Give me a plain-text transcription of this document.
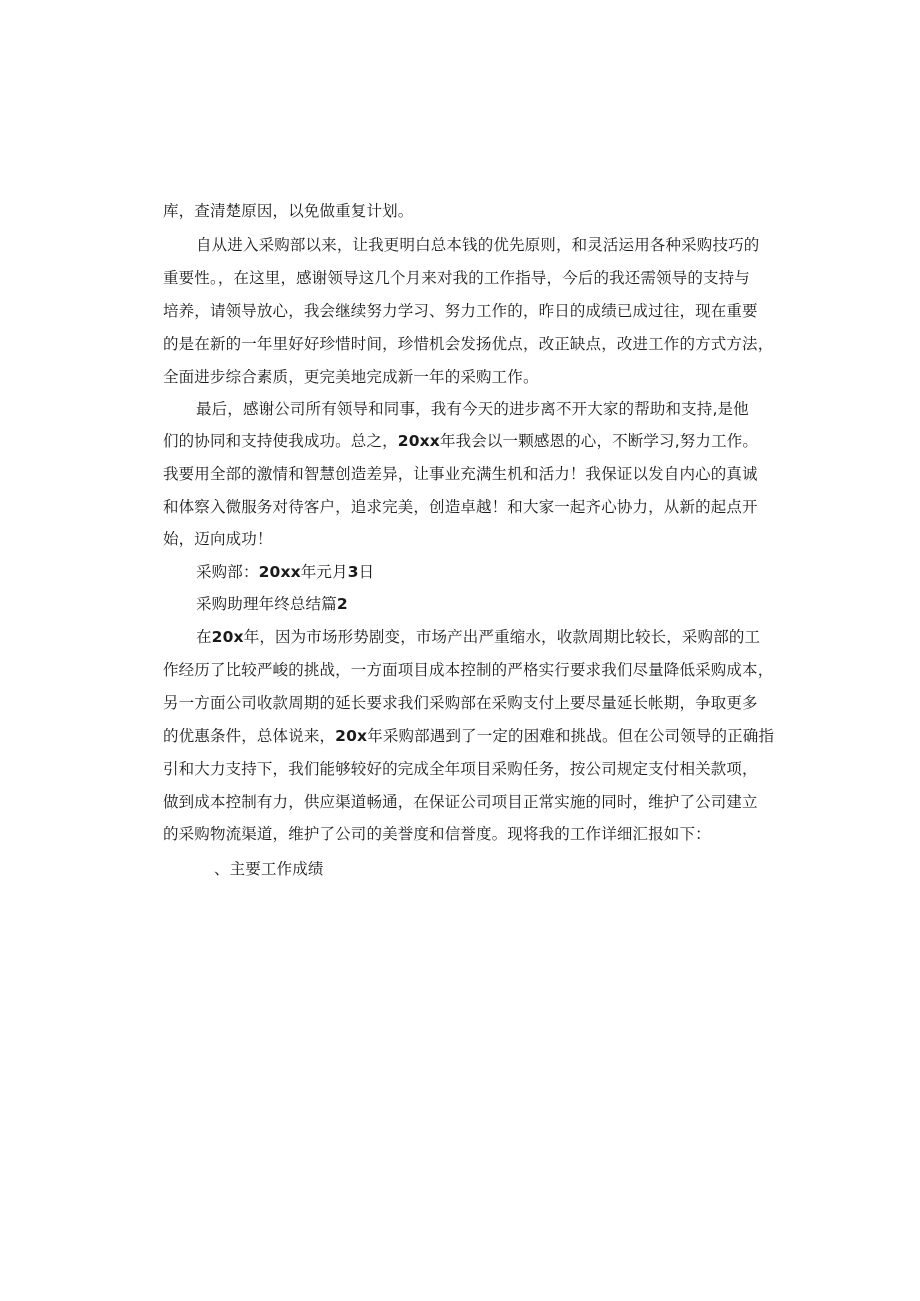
库，查清楚原因，以免做重复计划。
自从进入采购部以来，让我更明白总本钱的优先原则，和灵活运用各种采购技巧的
重要性。，在这里，感谢领导这几个月来对我的工作指导，今后的我还需领导的支持与
培养，请领导放心，我会继续努力学习、努力工作的，昨日的成绩已成过往，现在重要
的是在新的一年里好好珍惜时间，珍惜机会发扬优点，改正缺点，改进工作的方式方法，
全面进步综合素质，更完美地完成新一年的采购工作。
最后，感谢公司所有领导和同事，我有今天的进步离不开大家的帮助和支持,是他
们的协同和支持使我成功。总之，20xx年我会以一颗感恩的心，不断学习,努力工作。
我要用全部的激情和智慧创造差异，让事业充满生机和活力！我保证以发自内心的真诚
和体察入微服务对待客户，追求完美，创造卓越！和大家一起齐心协力，从新的起点开
始，迈向成功！
采购部：20xx年元月3日
采购助理年终总结篇2
在20x年，因为市场形势剧变，市场产出严重缩水，收款周期比较长，采购部的工
作经历了比较严峻的挑战，一方面项目成本控制的严格实行要求我们尽量降低采购成本，
另一方面公司收款周期的延长要求我们采购部在采购支付上要尽量延长帐期，争取更多
的优惠条件，总体说来，20x年采购部遇到了一定的困难和挑战。但在公司领导的正确指
引和大力支持下，我们能够较好的完成全年项目采购任务，按公司规定支付相关款项，
做到成本控制有力，供应渠道畅通，在保证公司项目正常实施的同时，维护了公司建立
的采购物流渠道，维护了公司的美誉度和信誉度。现将我的工作详细汇报如下：
、主要工作成绩
